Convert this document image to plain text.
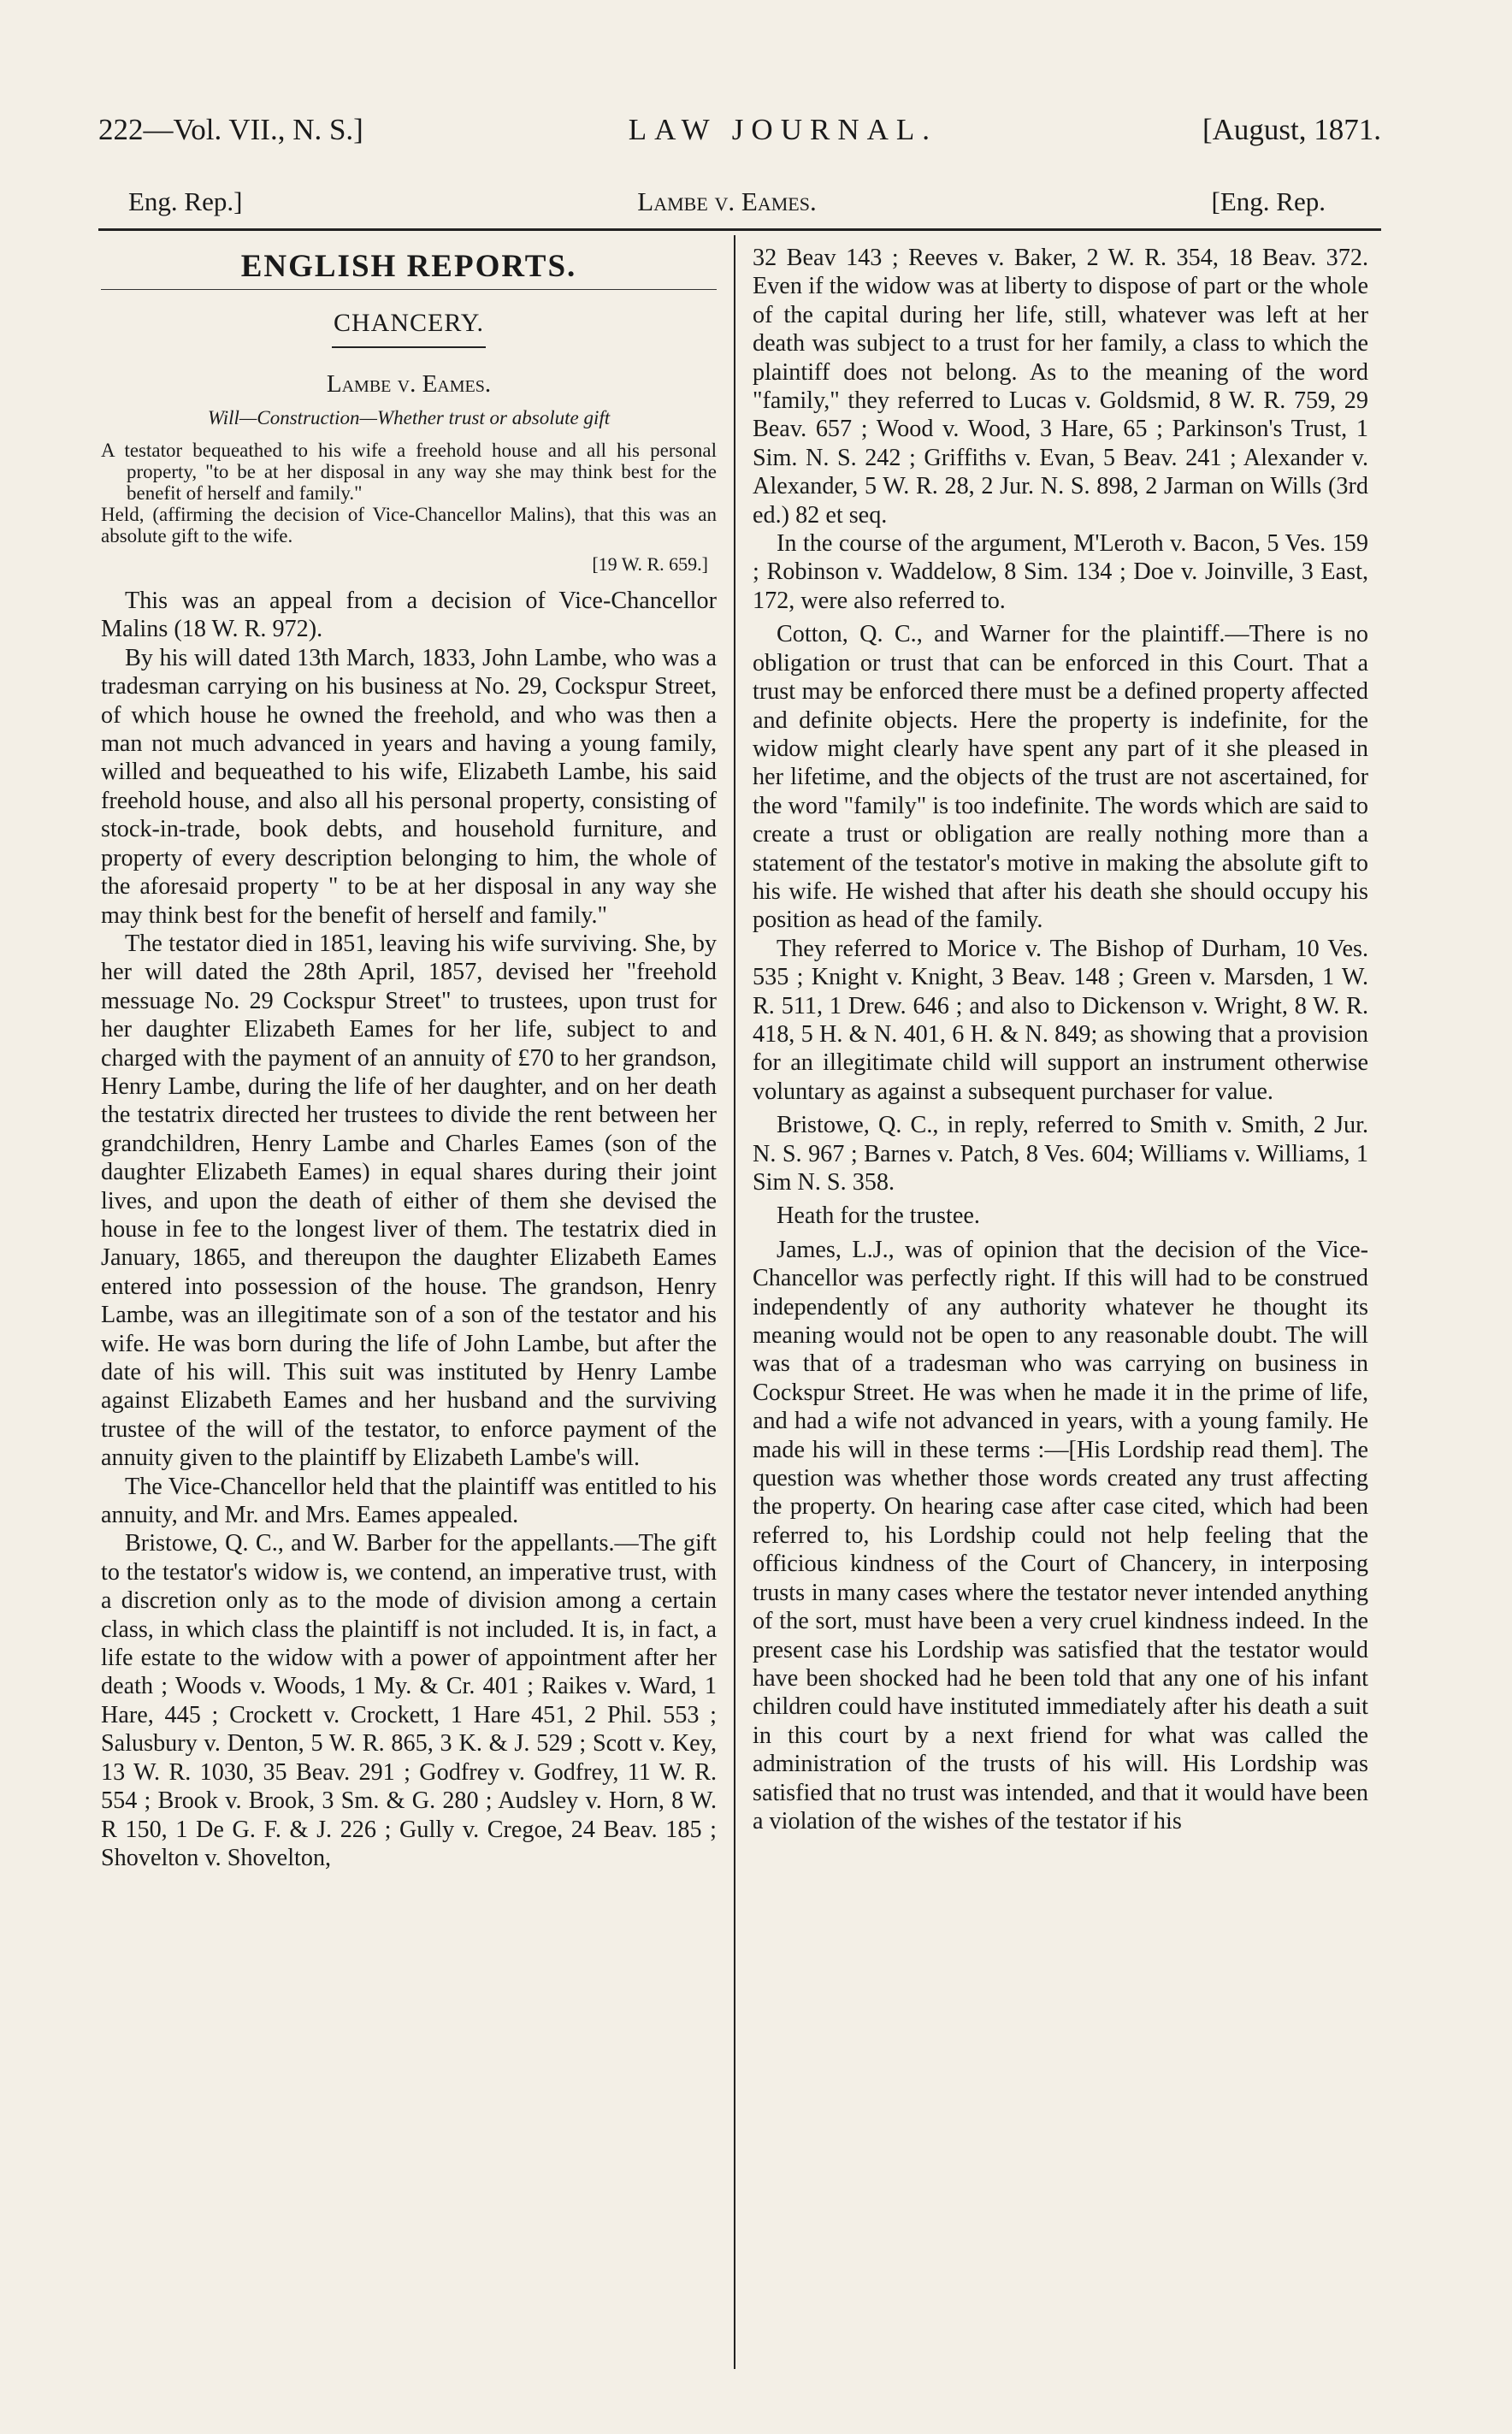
222—Vol. VII., N. S.]	LAW JOURNAL.	[August, 1871.
Eng. Rep.]	Lambe v. Eames.	[Eng. Rep.
ENGLISH REPORTS.
CHANCERY.
Lambe v. Eames.
Will—Construction—Whether trust or absolute gift

A testator bequeathed to his wife a freehold house and all his personal property, "to be at her disposal in any way she may think best for the benefit of herself and family."

Held, (affirming the decision of Vice-Chancellor Malins), that this was an absolute gift to the wife.

[19 W. R. 659.]

This was an appeal from a decision of Vice-Chancellor Malins (18 W. R. 972).

By his will dated 13th March, 1833, John Lambe, who was a tradesman carrying on his business at No. 29, Cockspur Street, of which house he owned the freehold, and who was then a man not much advanced in years and having a young family, willed and bequeathed to his wife, Elizabeth Lambe, his said freehold house, and also all his personal property, consisting of stock-in-trade, book debts, and household furniture, and property of every description belonging to him, the whole of the aforesaid property " to be at her disposal in any way she may think best for the benefit of herself and family."

The testator died in 1851, leaving his wife surviving. She, by her will dated the 28th April, 1857, devised her "freehold messuage No. 29 Cockspur Street" to trustees, upon trust for her daughter Elizabeth Eames for her life, subject to and charged with the payment of an annuity of £70 to her grandson, Henry Lambe, during the life of her daughter, and on her death the testatrix directed her trustees to divide the rent between her grandchildren, Henry Lambe and Charles Eames (son of the daughter Elizabeth Eames) in equal shares during their joint lives, and upon the death of either of them she devised the house in fee to the longest liver of them. The testatrix died in January, 1865, and thereupon the daughter Elizabeth Eames entered into possession of the house. The grandson, Henry Lambe, was an illegitimate son of a son of the testator and his wife. He was born during the life of John Lambe, but after the date of his will. This suit was instituted by Henry Lambe against Elizabeth Eames and her husband and the surviving trustee of the will of the testator, to enforce payment of the annuity given to the plaintiff by Elizabeth Lambe's will.

The Vice-Chancellor held that the plaintiff was entitled to his annuity, and Mr. and Mrs. Eames appealed.

Bristowe, Q. C., and W. Barber for the appellants.—The gift to the testator's widow is, we contend, an imperative trust, with a discretion only as to the mode of division among a certain class, in which class the plaintiff is not included. It is, in fact, a life estate to the widow with a power of appointment after her death ; Woods v. Woods, 1 My. & Cr. 401 ; Raikes v. Ward, 1 Hare, 445 ; Crockett v. Crockett, 1 Hare 451, 2 Phil. 553 ; Salusbury v. Denton, 5 W. R. 865, 3 K. & J. 529 ; Scott v. Key, 13 W. R. 1030, 35 Beav. 291 ; Godfrey v. Godfrey, 11 W. R. 554 ; Brook v. Brook, 3 Sm. & G. 280 ; Audsley v. Horn, 8 W. R 150, 1 De G. F. & J. 226 ; Gully v. Cregoe, 24 Beav. 185 ; Shovelton v. Shovelton,

32 Beav 143 ; Reeves v. Baker, 2 W. R. 354, 18 Beav. 372. Even if the widow was at liberty to dispose of part or the whole of the capital during her life, still, whatever was left at her death was subject to a trust for her family, a class to which the plaintiff does not belong. As to the meaning of the word "family," they referred to Lucas v. Goldsmid, 8 W. R. 759, 29 Beav. 657 ; Wood v. Wood, 3 Hare, 65 ; Parkinson's Trust, 1 Sim. N. S. 242 ; Griffiths v. Evan, 5 Beav. 241 ; Alexander v. Alexander, 5 W. R. 28, 2 Jur. N. S. 898, 2 Jarman on Wills (3rd ed.) 82 et seq.

In the course of the argument, M'Leroth v. Bacon, 5 Ves. 159 ; Robinson v. Waddelow, 8 Sim. 134 ; Doe v. Joinville, 3 East, 172, were also referred to.

Cotton, Q. C., and Warner for the plaintiff.—There is no obligation or trust that can be enforced in this Court. That a trust may be enforced there must be a defined property affected and definite objects. Here the property is indefinite, for the widow might clearly have spent any part of it she pleased in her lifetime, and the objects of the trust are not ascertained, for the word "family" is too indefinite. The words which are said to create a trust or obligation are really nothing more than a statement of the testator's motive in making the absolute gift to his wife. He wished that after his death she should occupy his position as head of the family.

They referred to Morice v. The Bishop of Durham, 10 Ves. 535 ; Knight v. Knight, 3 Beav. 148 ; Green v. Marsden, 1 W. R. 511, 1 Drew. 646 ; and also to Dickenson v. Wright, 8 W. R. 418, 5 H. & N. 401, 6 H. & N. 849; as showing that a provision for an illegitimate child will support an instrument otherwise voluntary as against a subsequent purchaser for value.

Bristowe, Q. C., in reply, referred to Smith v. Smith, 2 Jur. N. S. 967 ; Barnes v. Patch, 8 Ves. 604; Williams v. Williams, 1 Sim N. S. 358.

Heath for the trustee.

James, L.J., was of opinion that the decision of the Vice-Chancellor was perfectly right. If this will had to be construed independently of any authority whatever he thought its meaning would not be open to any reasonable doubt. The will was that of a tradesman who was carrying on business in Cockspur Street. He was when he made it in the prime of life, and had a wife not advanced in years, with a young family. He made his will in these terms :—[His Lordship read them]. The question was whether those words created any trust affecting the property. On hearing case after case cited, which had been referred to, his Lordship could not help feeling that the officious kindness of the Court of Chancery, in interposing trusts in many cases where the testator never intended anything of the sort, must have been a very cruel kindness indeed. In the present case his Lordship was satisfied that the testator would have been shocked had he been told that any one of his infant children could have instituted immediately after his death a suit in this court by a next friend for what was called the administration of the trusts of his will. His Lordship was satisfied that no trust was intended, and that it would have been a violation of the wishes of the testator if his
